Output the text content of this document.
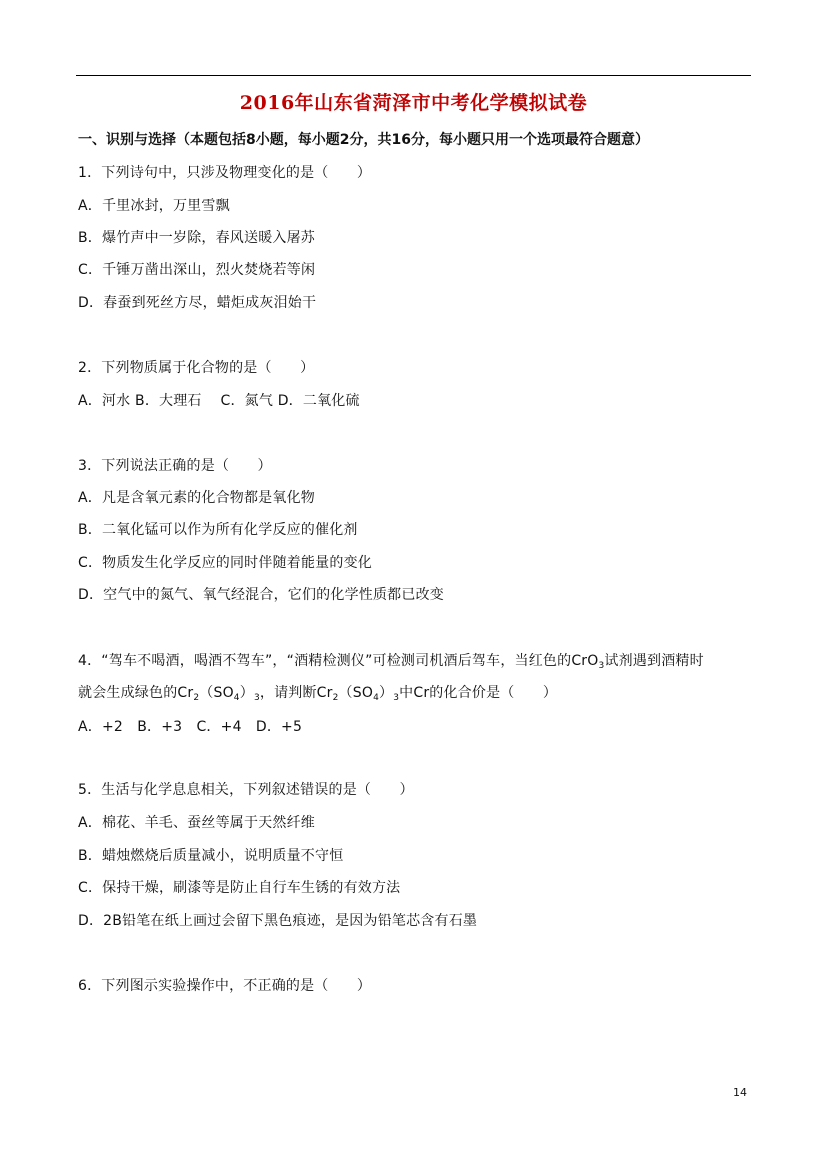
2016年山东省菏泽市中考化学模拟试卷
一、识别与选择（本题包括8小题，每小题2分，共16分，每小题只用一个选项最符合题意）
1．下列诗句中，只涉及物理变化的是（　　）
A．千里冰封，万里雪飘
B．爆竹声中一岁除，春风送暖入屠苏
C．千锤万凿出深山，烈火焚烧若等闲
D．春蚕到死丝方尽，蜡炬成灰泪始干
2．下列物质属于化合物的是（　　）
A．河水 B．大理石　 C．氮气 D．二氧化硫
3．下列说法正确的是（　　）
A．凡是含氧元素的化合物都是氧化物
B．二氧化锰可以作为所有化学反应的催化剂
C．物质发生化学反应的同时伴随着能量的变化
D．空气中的氮气、氧气经混合，它们的化学性质都已改变
4．“驾车不喝酒，喝酒不驾车”，“酒精检测仪”可检测司机酒后驾车，当红色的CrO$_3$试剂遇到酒精时
就会生成绿色的$Cr_2(SO_4)_3$，请判断$Cr_2(SO_4)_3$中Cr的化合价是（　　）
A．+2　B．+3　C．+4　D．+5
5．生活与化学息息相关，下列叙述错误的是（　　）
A．棉花、羊毛、蚕丝等属于天然纤维
B．蜡烛燃烧后质量减小，说明质量不守恒
C．保持干燥，刷漆等是防止自行车生锈的有效方法
D．2B铅笔在纸上画过会留下黑色痕迹，是因为铅笔芯含有石墨
6．下列图示实验操作中，不正确的是（　　）
14
